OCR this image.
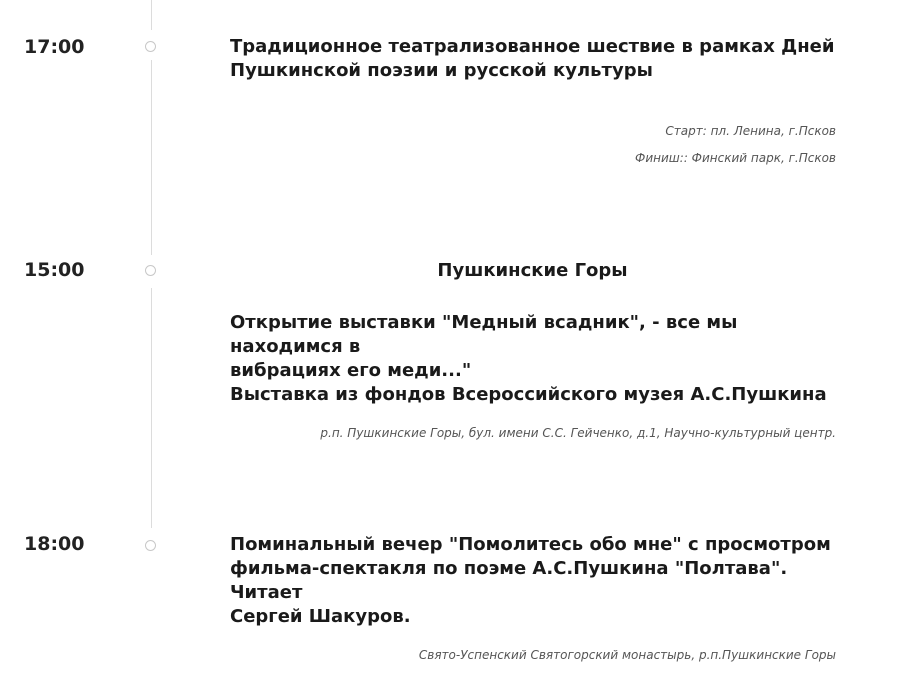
17:00	Традиционное театрализованное шествие в рамках Дней
Пушкинской поэзии и русской культуры
Старт: пл. Ленина, г.Псков
Финиш:: Финский парк, г.Псков
15:00	Пушкинские Горы
Открытие выставки "Медный всадник", - все мы находимся в
вибрациях его меди..."
Выставка из фондов Всероссийского музея А.С.Пушкина
р.п. Пушкинские Горы, бул. имени С.С. Гейченко, д.1, Научно-культурный центр.
18:00	Поминальный вечер "Помолитесь обо мне" с просмотром
фильма-спектакля по поэме А.С.Пушкина "Полтава". Читает
Сергей Шакуров.
Свято-Успенский Святогорский монастырь, р.п.Пушкинские Горы
